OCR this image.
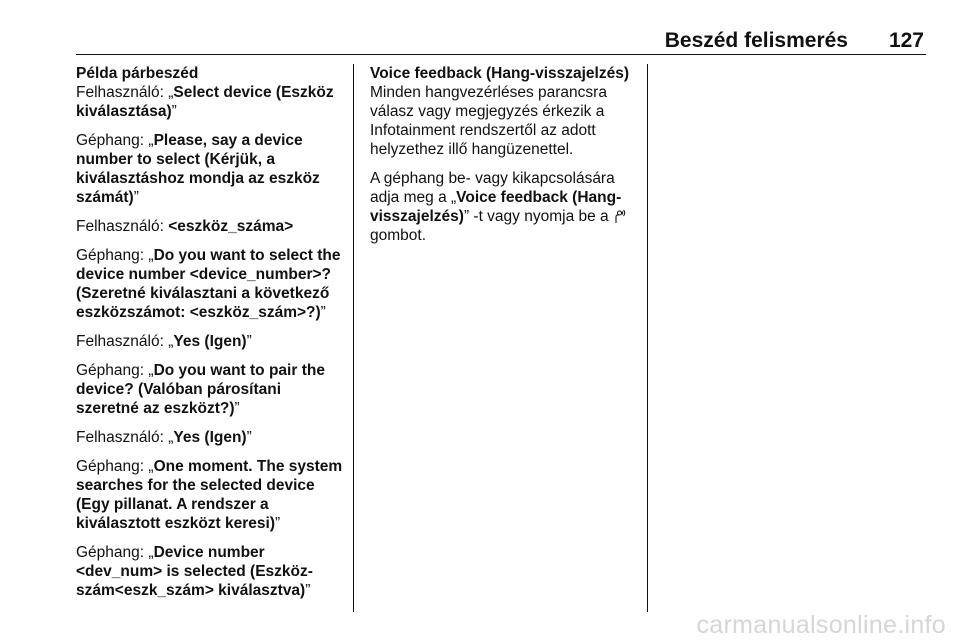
Beszéd felismerés 127

Példa párbeszéd

Felhasználó: „Select device (Eszköz kiválasztása)”

Géphang: „Please, say a device number to select (Kérjük, a kiválasztáshoz mondja az eszköz számát)”

Felhasználó: <eszköz_száma>

Géphang: „Do you want to select the device number <device_number>? (Szeretné kiválasztani a következő eszközszámot: <eszköz_szám>?)”

Felhasználó: „Yes (Igen)”

Géphang: „Do you want to pair the device? (Valóban párosítani szeretné az eszközt?)”

Felhasználó: „Yes (Igen)”

Géphang: „One moment. The system searches for the selected device (Egy pillanat. A rendszer a kiválasztott eszközt keresi)”

Géphang: „Device number <dev_num> is selected (Eszköz-szám<eszk_szám> kiválasztva)”

Voice feedback (Hang-visszajelzés)

Minden hangvezérléses parancsra válasz vagy megjegyzés érkezik a Infotainment rendszertől az adott helyzethez illő hangüzenettel.

A géphang be- vagy kikapcsolására adja meg a „Voice feedback (Hang-visszajelzés)” -t vagy nyomja be a  gombot.

carmanualsonline.info
